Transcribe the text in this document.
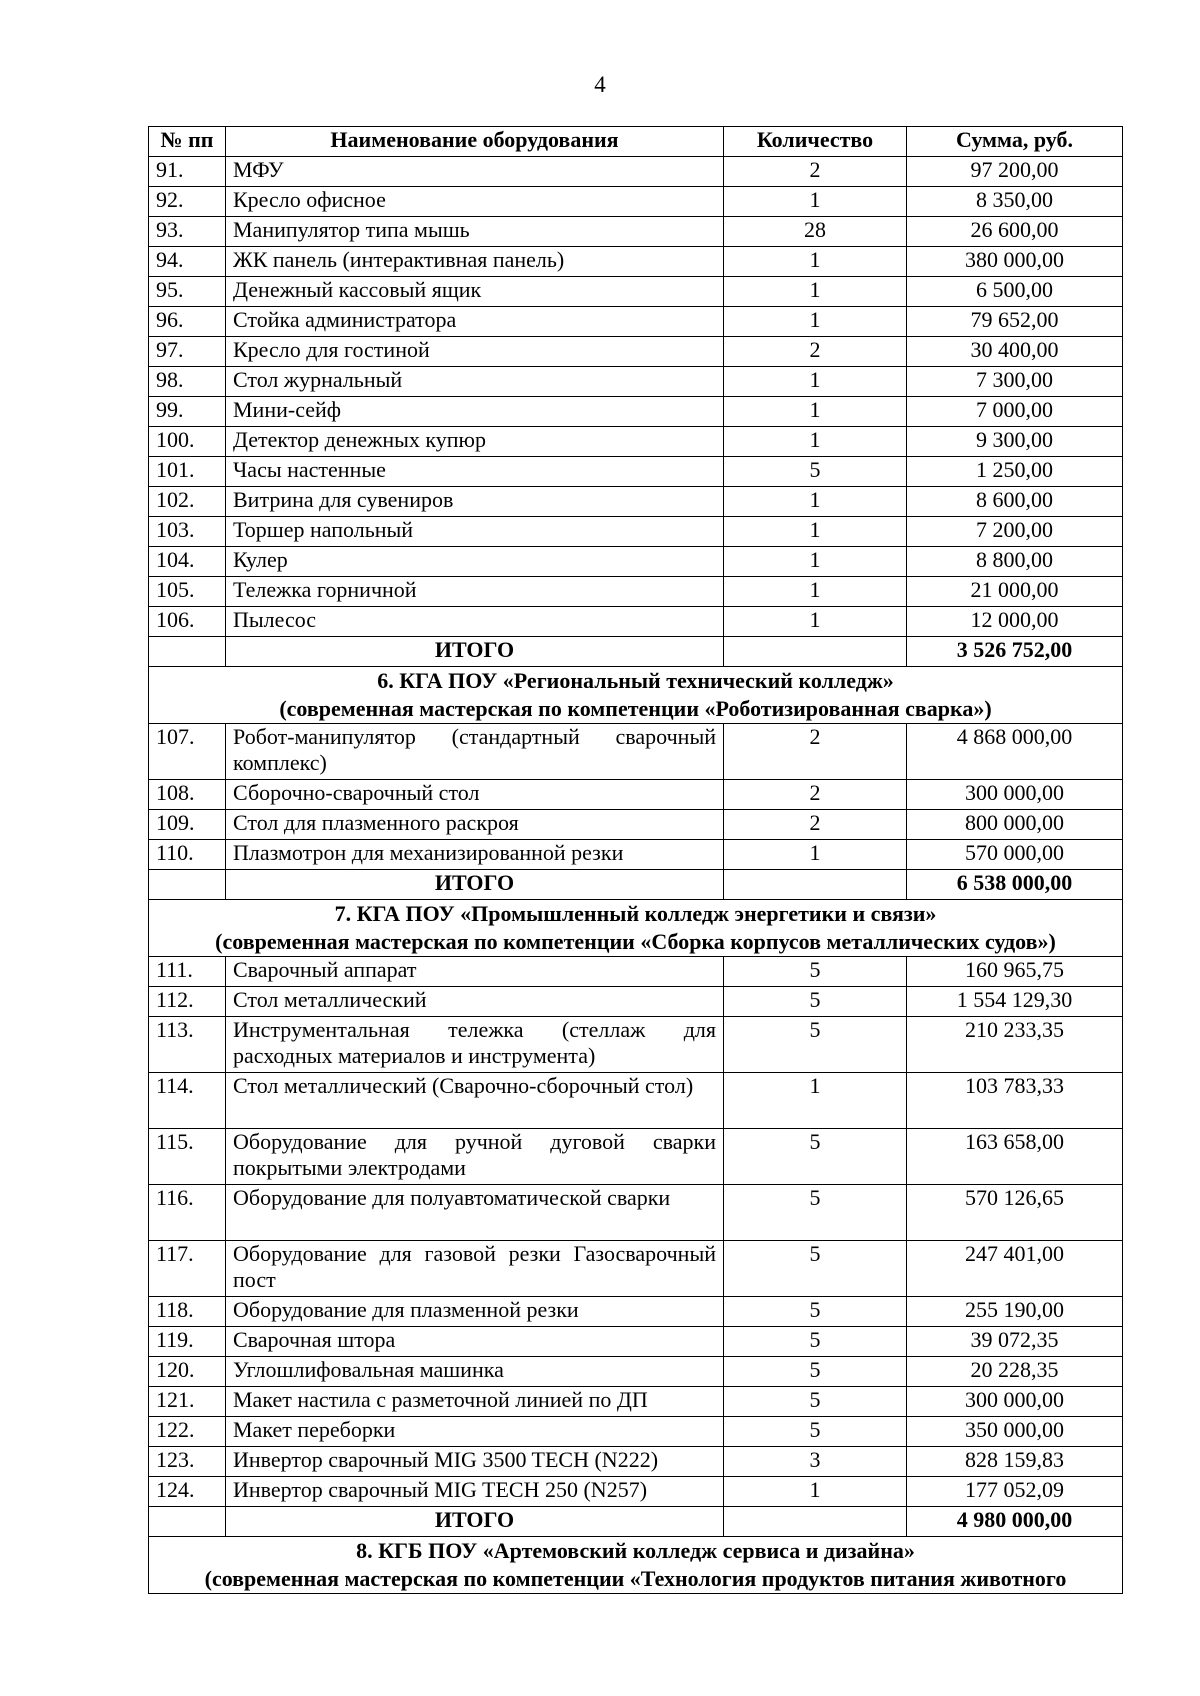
4
№ пп	Наименование оборудования	Количество	Сумма, руб.
91.	МФУ	2	97 200,00
92.	Кресло офисное	1	8 350,00
93.	Манипулятор типа мышь	28	26 600,00
94.	ЖК панель (интерактивная панель)	1	380 000,00
95.	Денежный кассовый ящик	1	6 500,00
96.	Стойка администратора	1	79 652,00
97.	Кресло для гостиной	2	30 400,00
98.	Стол журнальный	1	7 300,00
99.	Мини-сейф	1	7 000,00
100.	Детектор денежных купюр	1	9 300,00
101.	Часы настенные	5	1 250,00
102.	Витрина для сувениров	1	8 600,00
103.	Торшер напольный	1	7 200,00
104.	Кулер	1	8 800,00
105.	Тележка горничной	1	21 000,00
106.	Пылесос	1	12 000,00
	ИТОГО		3 526 752,00

6. КГА ПОУ «Региональный технический колледж»
(современная мастерская по компетенции «Роботизированная сварка»)			

107.	Робот-манипулятор (стандартный сварочный комплекс)	2	4 868 000,00
108.	Сборочно-сварочный стол	2	300 000,00
109.	Стол для плазменного раскроя	2	800 000,00
110.	Плазмотрон для механизированной резки	1	570 000,00
	ИТОГО		6 538 000,00

7. КГА ПОУ «Промышленный колледж энергетики и связи»
(современная мастерская по компетенции «Сборка корпусов металлических судов»)			

111.	Сварочный аппарат	5	160 965,75
112.	Стол металлический	5	1 554 129,30
113.	Инструментальная тележка (стеллаж для расходных материалов и инструмента)	5	210 233,35
114.	Стол металлический (Сварочно-сборочный стол)	1	103 783,33
115.	Оборудование для ручной дуговой сварки покрытыми электродами	5	163 658,00
116.	Оборудование для полуавтоматической сварки	5	570 126,65
117.	Оборудование для газовой резки Газосварочный пост	5	247 401,00
118.	Оборудование для плазменной резки	5	255 190,00
119.	Сварочная штора	5	39 072,35
120.	Углошлифовальная машинка	5	20 228,35
121.	Макет настила с разметочной линией по ДП	5	300 000,00
122.	Макет переборки	5	350 000,00
123.	Инвертор сварочный MIG 3500 TECH (N222)	3	828 159,83
124.	Инвертор сварочный MIG TECH 250 (N257)	1	177 052,09
	ИТОГО		4 980 000,00

8. КГБ ПОУ «Артемовский колледж сервиса и дизайна»
(современная мастерская по компетенции «Технология продуктов питания животного			
